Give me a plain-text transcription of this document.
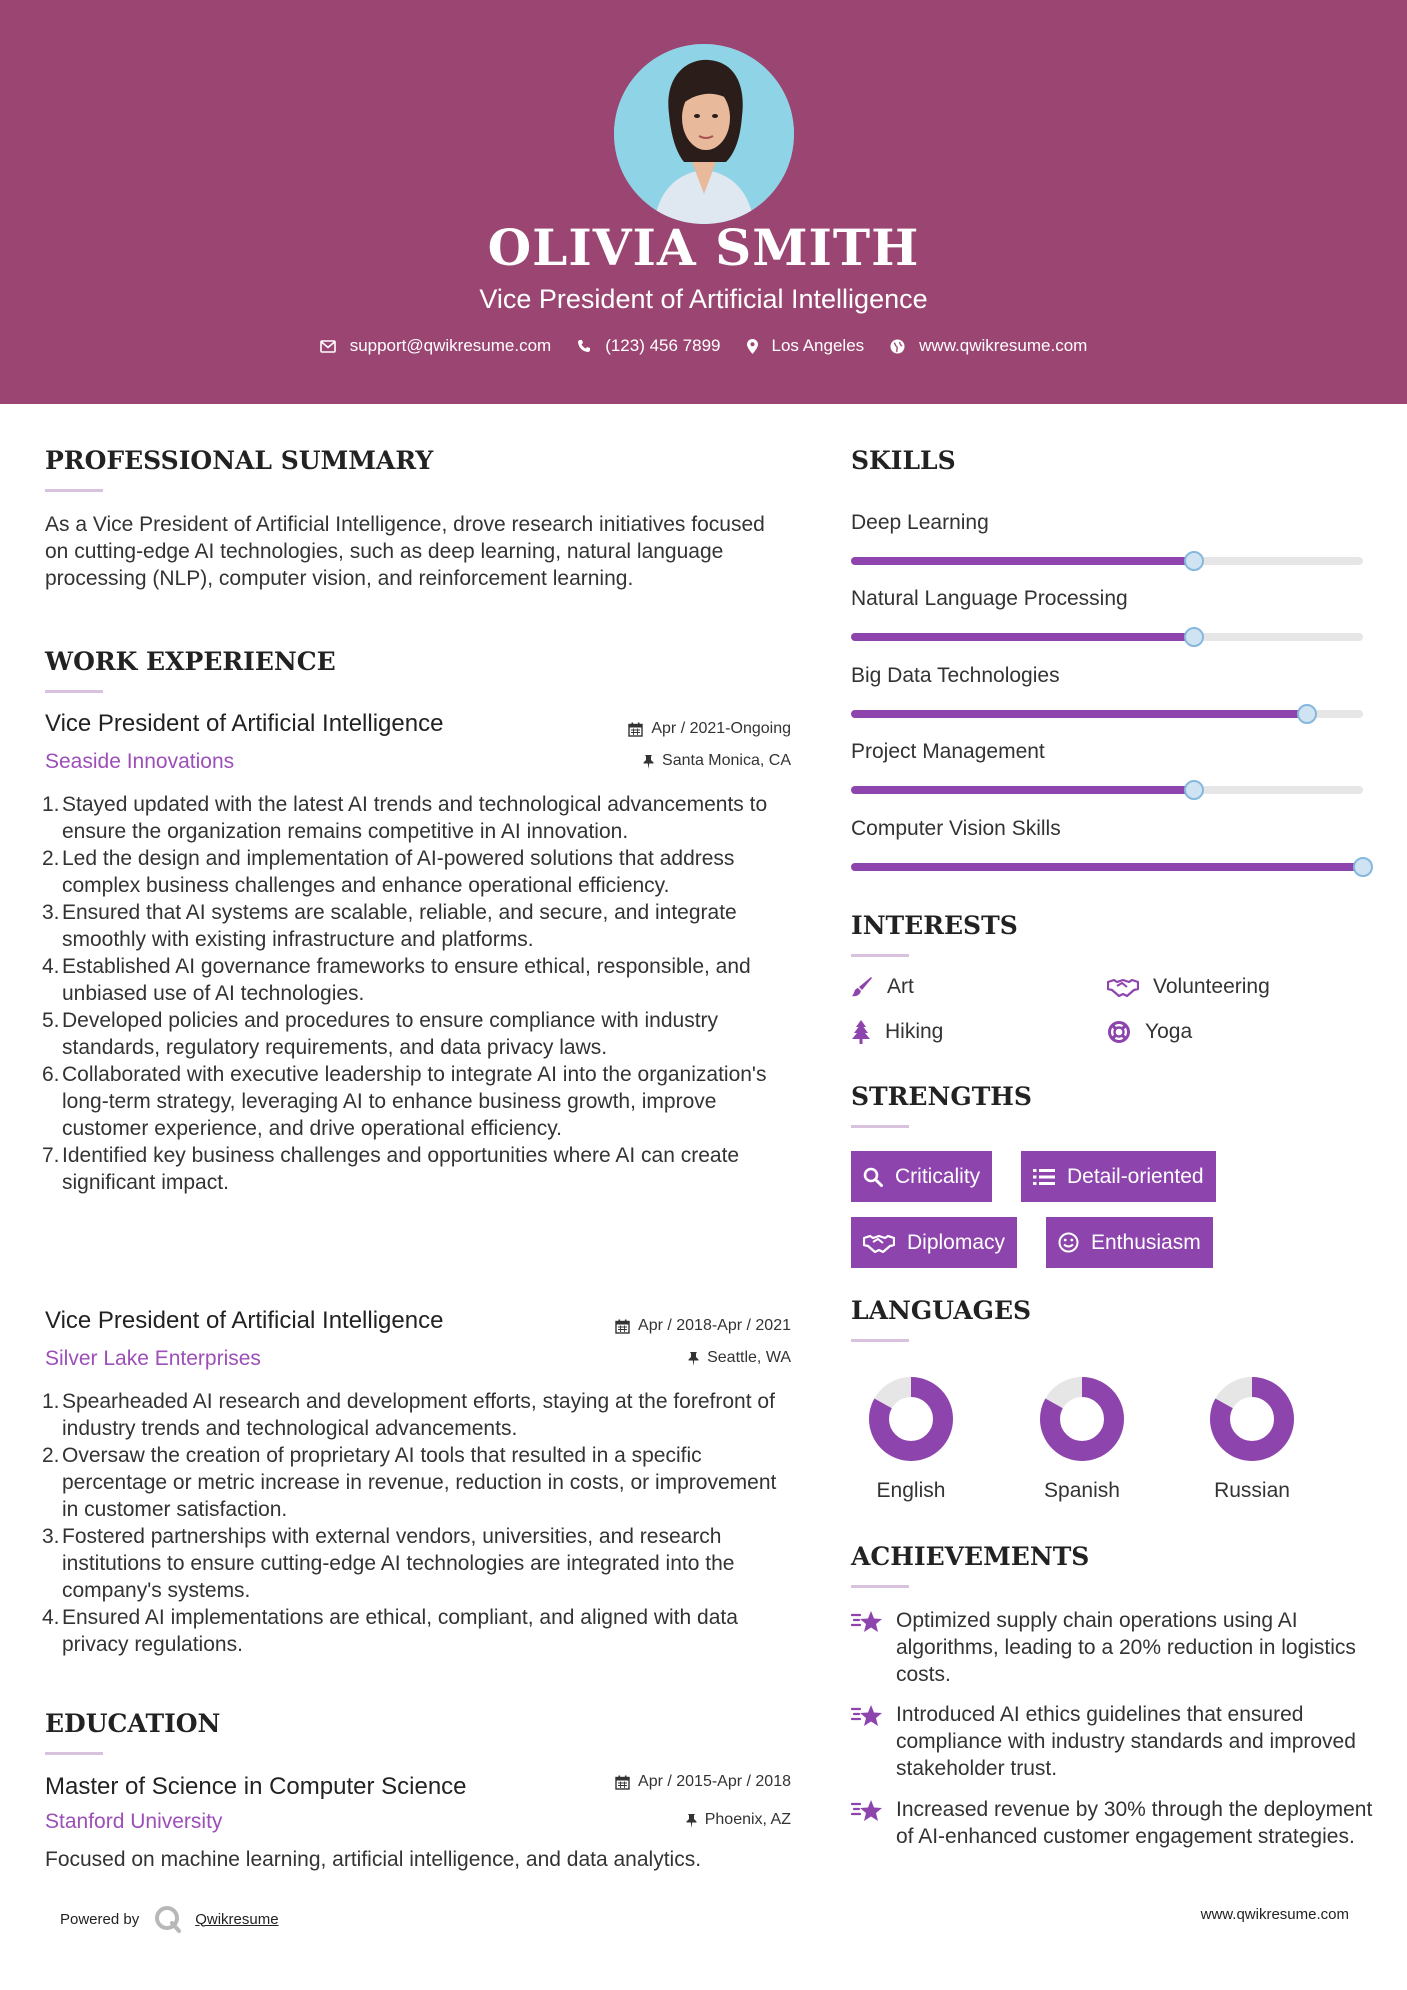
OLIVIA SMITH
Vice President of Artificial Intelligence
support@qwikresume.com	(123) 456 7899	Los Angeles	www.qwikresume.com
PROFESSIONAL SUMMARY
As a Vice President of Artificial Intelligence, drove research initiatives focused on cutting-edge AI technologies, such as deep learning, natural language processing (NLP), computer vision, and reinforcement learning.
WORK EXPERIENCE
Vice President of Artificial Intelligence	Apr / 2021-Ongoing
Seaside Innovations	Santa Monica, CA
1. Stayed updated with the latest AI trends and technological advancements to ensure the organization remains competitive in AI innovation.
2. Led the design and implementation of AI-powered solutions that address complex business challenges and enhance operational efficiency.
3. Ensured that AI systems are scalable, reliable, and secure, and integrate smoothly with existing infrastructure and platforms.
4. Established AI governance frameworks to ensure ethical, responsible, and unbiased use of AI technologies.
5. Developed policies and procedures to ensure compliance with industry standards, regulatory requirements, and data privacy laws.
6. Collaborated with executive leadership to integrate AI into the organization's long-term strategy, leveraging AI to enhance business growth, improve customer experience, and drive operational efficiency.
7. Identified key business challenges and opportunities where AI can create significant impact.
Vice President of Artificial Intelligence	Apr / 2018-Apr / 2021
Silver Lake Enterprises	Seattle, WA
1. Spearheaded AI research and development efforts, staying at the forefront of industry trends and technological advancements.
2. Oversaw the creation of proprietary AI tools that resulted in a specific percentage or metric increase in revenue, reduction in costs, or improvement in customer satisfaction.
3. Fostered partnerships with external vendors, universities, and research institutions to ensure cutting-edge AI technologies are integrated into the company's systems.
4. Ensured AI implementations are ethical, compliant, and aligned with data privacy regulations.
EDUCATION
Master of Science in Computer Science	Apr / 2015-Apr / 2018
Stanford University	Phoenix, AZ
Focused on machine learning, artificial intelligence, and data analytics.
SKILLS
Deep Learning
Natural Language Processing
Big Data Technologies
Project Management
Computer Vision Skills
INTERESTS
Art	Volunteering
Hiking	Yoga
STRENGTHS
Criticality	Detail-oriented
Diplomacy	Enthusiasm
LANGUAGES
English	Spanish	Russian
ACHIEVEMENTS
Optimized supply chain operations using AI algorithms, leading to a 20% reduction in logistics costs.
Introduced AI ethics guidelines that ensured compliance with industry standards and improved stakeholder trust.
Increased revenue by 30% through the deployment of AI-enhanced customer engagement strategies.
Powered by	Qwikresume	www.qwikresume.com
